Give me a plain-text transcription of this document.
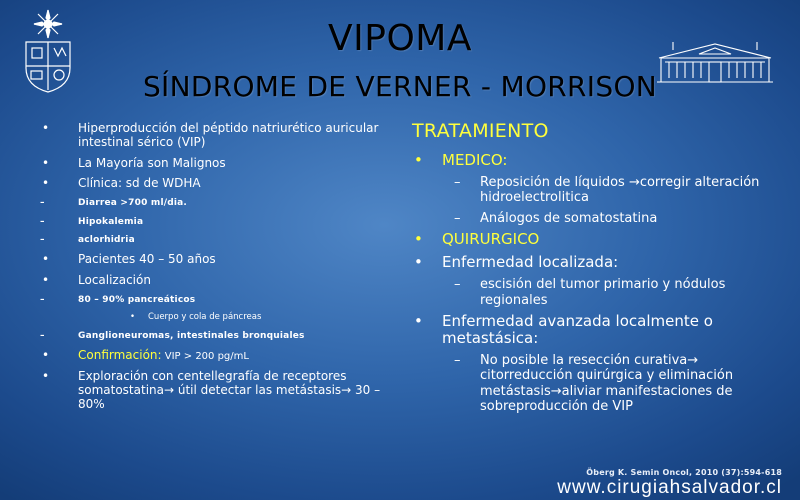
VIPOMA
SÍNDROME DE VERNER - MORRISON
• Hiperproducción del péptido natriurético auricular intestinal sérico (VIP)
• La Mayoría son Malignos
• Clínica: sd de WDHA
–	Diarrea >700 ml/dia.
–	Hipokalemia
–	aclorhidria
• Pacientes 40 – 50 años
• Localización
–	80 – 90% pancreáticos
• Cuerpo y cola de páncreas
–	Ganglioneuromas, intestinales bronquiales
• Confirmación: VIP > 200 pg/mL
• Exploración con centellegrafía de receptores somatostatina→ útil detectar las metástasis→ 30 – 80%
TRATAMIENTO
• MEDICO:
– Reposición de líquidos →corregir alteración hidroelectrolitica
– Análogos de somatostatina
• QUIRURGICO
• Enfermedad localizada:
– escisión del tumor primario y nódulos regionales
• Enfermedad avanzada localmente o metastásica:
– No posible la resección curativa→ citorreducción quirúrgica y eliminación metástasis→aliviar manifestaciones de sobreproducción de VIP
Öberg K. Semin Oncol, 2010 (37):594-618
www.cirugiahsalvador.cl
